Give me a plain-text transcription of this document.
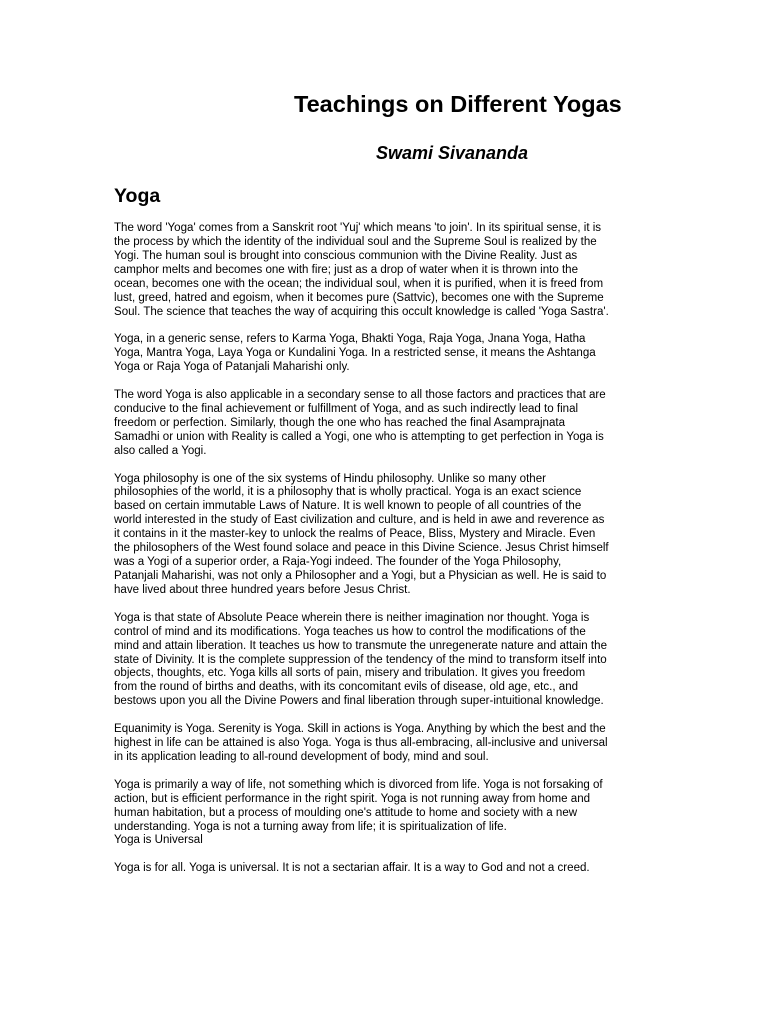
Teachings on Different Yogas
Swami Sivananda
Yoga

The word 'Yoga' comes from a Sanskrit root 'Yuj' which means 'to join'. In its spiritual sense, it is
the process by which the identity of the individual soul and the Supreme Soul is realized by the
Yogi. The human soul is brought into conscious communion with the Divine Reality. Just as
camphor melts and becomes one with fire; just as a drop of water when it is thrown into the
ocean, becomes one with the ocean; the individual soul, when it is purified, when it is freed from
lust, greed, hatred and egoism, when it becomes pure (Sattvic), becomes one with the Supreme
Soul. The science that teaches the way of acquiring this occult knowledge is called 'Yoga Sastra'.

Yoga, in a generic sense, refers to Karma Yoga, Bhakti Yoga, Raja Yoga, Jnana Yoga, Hatha
Yoga, Mantra Yoga, Laya Yoga or Kundalini Yoga. In a restricted sense, it means the Ashtanga
Yoga or Raja Yoga of Patanjali Maharishi only.

The word Yoga is also applicable in a secondary sense to all those factors and practices that are
conducive to the final achievement or fulfillment of Yoga, and as such indirectly lead to final
freedom or perfection. Similarly, though the one who has reached the final Asamprajnata
Samadhi or union with Reality is called a Yogi, one who is attempting to get perfection in Yoga is
also called a Yogi.

Yoga philosophy is one of the six systems of Hindu philosophy. Unlike so many other
philosophies of the world, it is a philosophy that is wholly practical. Yoga is an exact science
based on certain immutable Laws of Nature. It is well known to people of all countries of the
world interested in the study of East civilization and culture, and is held in awe and reverence as
it contains in it the master-key to unlock the realms of Peace, Bliss, Mystery and Miracle. Even
the philosophers of the West found solace and peace in this Divine Science. Jesus Christ himself
was a Yogi of a superior order, a Raja-Yogi indeed. The founder of the Yoga Philosophy,
Patanjali Maharishi, was not only a Philosopher and a Yogi, but a Physician as well. He is said to
have lived about three hundred years before Jesus Christ.

Yoga is that state of Absolute Peace wherein there is neither imagination nor thought. Yoga is
control of mind and its modifications. Yoga teaches us how to control the modifications of the
mind and attain liberation. It teaches us how to transmute the unregenerate nature and attain the
state of Divinity. It is the complete suppression of the tendency of the mind to transform itself into
objects, thoughts, etc. Yoga kills all sorts of pain, misery and tribulation. It gives you freedom
from the round of births and deaths, with its concomitant evils of disease, old age, etc., and
bestows upon you all the Divine Powers and final liberation through super-intuitional knowledge.

Equanimity is Yoga. Serenity is Yoga. Skill in actions is Yoga. Anything by which the best and the
highest in life can be attained is also Yoga. Yoga is thus all-embracing, all-inclusive and universal
in its application leading to all-round development of body, mind and soul.

Yoga is primarily a way of life, not something which is divorced from life. Yoga is not forsaking of
action, but is efficient performance in the right spirit. Yoga is not running away from home and
human habitation, but a process of moulding one's attitude to home and society with a new
understanding. Yoga is not a turning away from life; it is spiritualization of life.
Yoga is Universal

Yoga is for all. Yoga is universal. It is not a sectarian affair. It is a way to God and not a creed.
